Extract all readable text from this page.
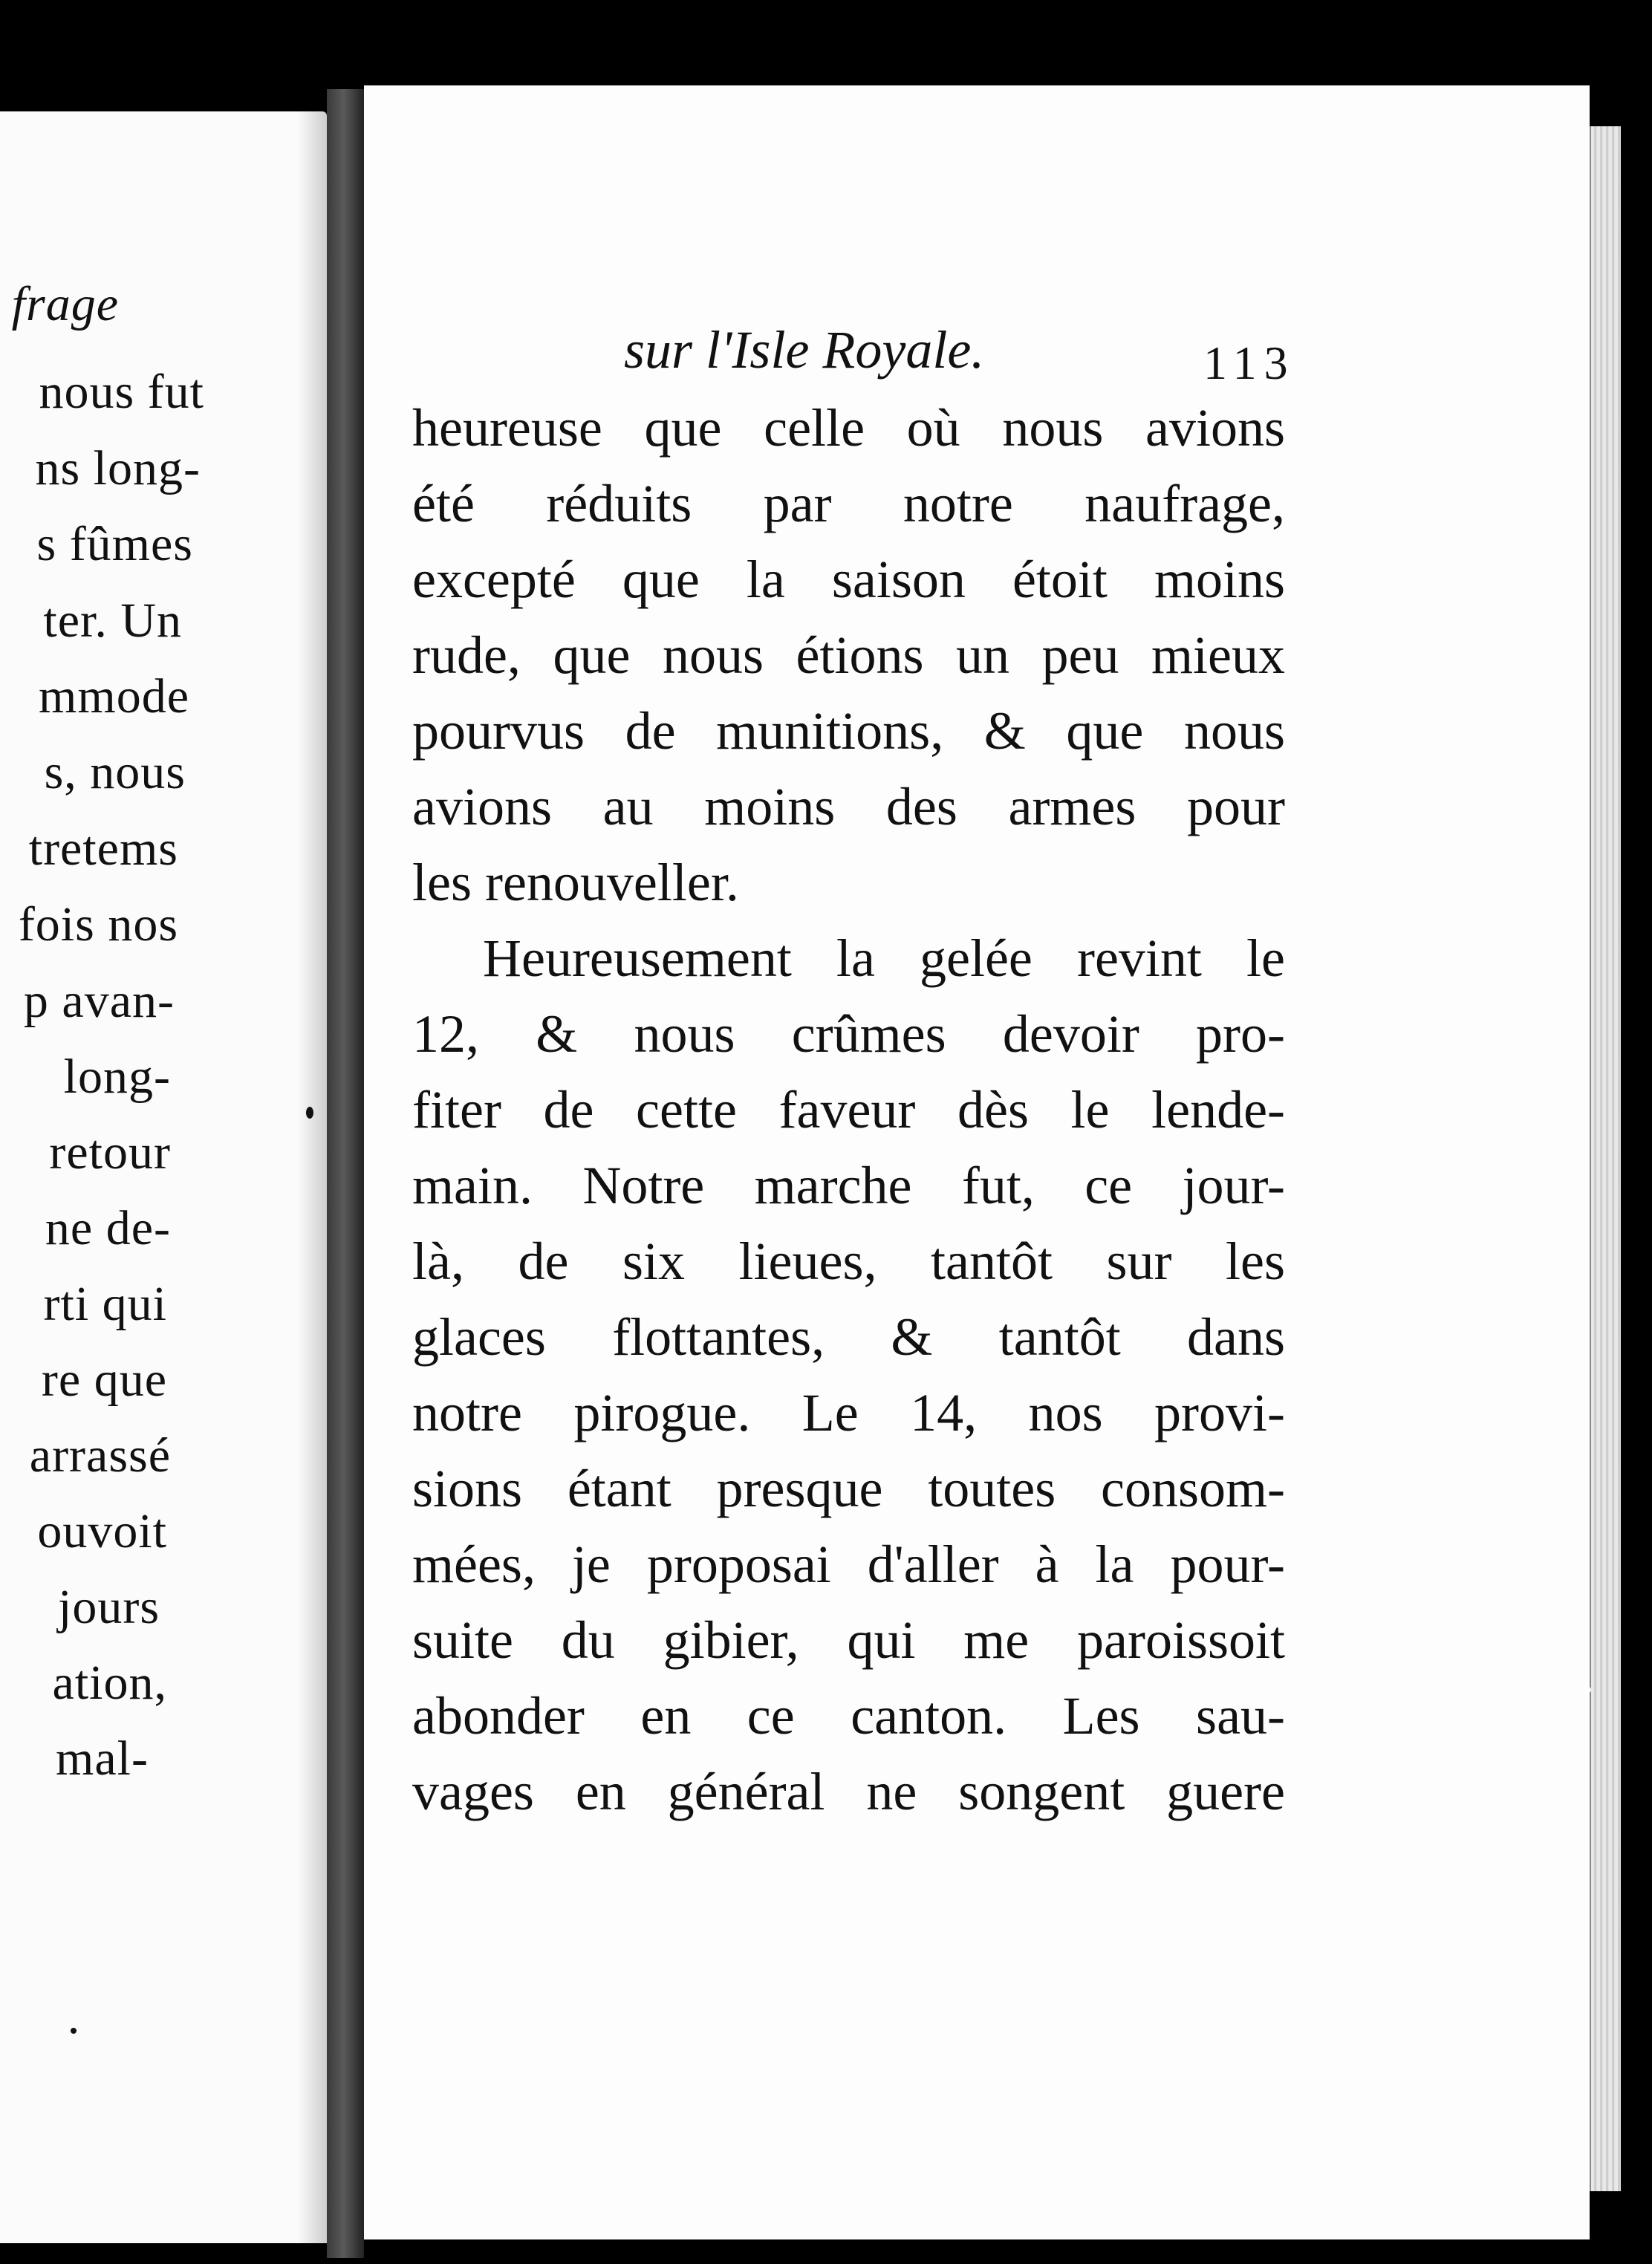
frage
nous fut
ns long-
s fûmes
ter. Un
mmode
s, nous
tretems
fois nos
p avan-
long-
retour
ne de-
rti qui
re que
arrassé
ouvoit
jours
ation,
mal-
sur l'Isle Royale.	113
heureuse que celle où nous avions
été réduits par notre naufrage,
excepté que la saison étoit moins
rude, que nous étions un peu mieux
pourvus de munitions, & que nous
avions au moins des armes pour
les renouveller.
Heureusement la gelée revint le
12, & nous crûmes devoir pro-
fiter de cette faveur dès le lende-
main. Notre marche fut, ce jour-
là, de six lieues, tantôt sur les
glaces flottantes, & tantôt dans
notre pirogue. Le 14, nos provi-
sions étant presque toutes consom-
mées, je proposai d'aller à la pour-
suite du gibier, qui me paroissoit
abonder en ce canton. Les sau-
vages en général ne songent guere
